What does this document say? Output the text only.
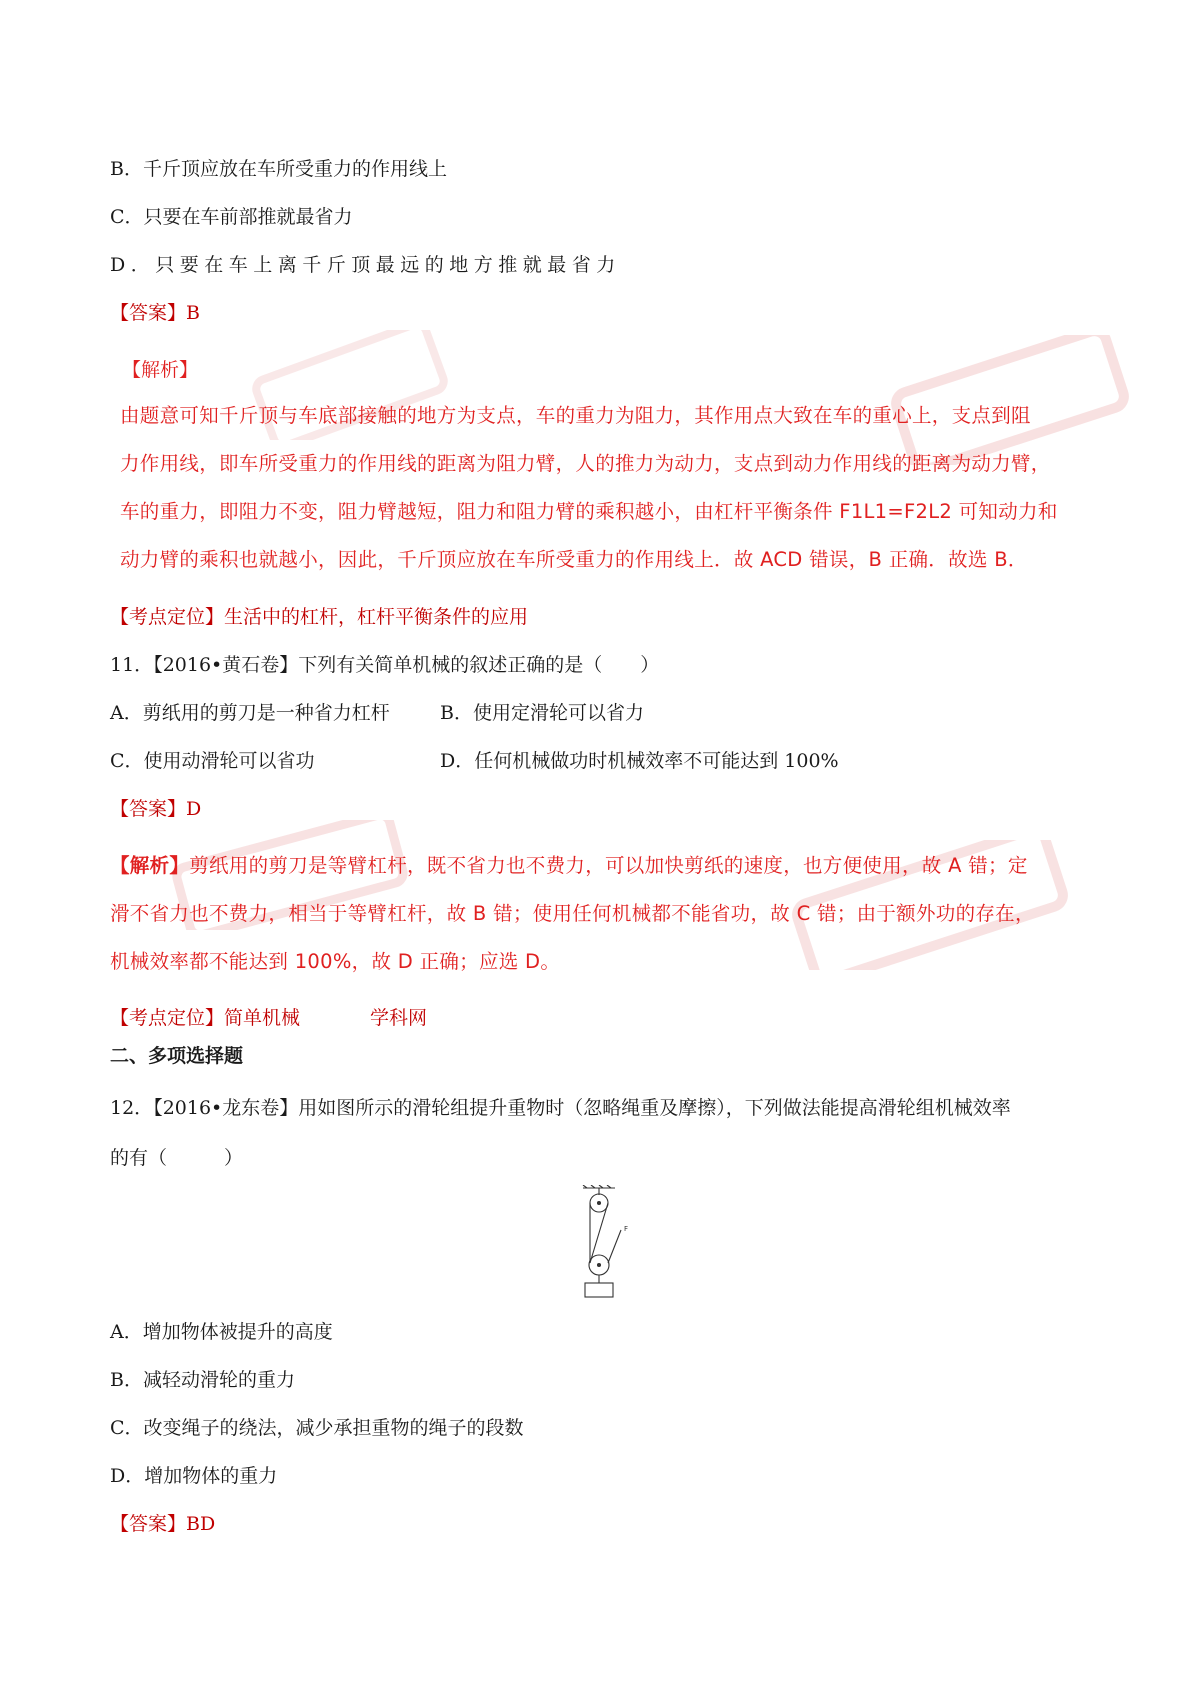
B．千斤顶应放在车所受重力的作用线上
C．只要在车前部推就最省力
D．只要在车上离千斤顶最远的地方推就最省力
【答案】B
【解析】
由题意可知千斤顶与车底部接触的地方为支点，车的重力为阻力，其作用点大致在车的重心上，支点到阻
力作用线，即车所受重力的作用线的距离为阻力臂，人的推力为动力，支点到动力作用线的距离为动力臂，
车的重力，即阻力不变，阻力臂越短，阻力和阻力臂的乘积越小，由杠杆平衡条件 F1L1=F2L2 可知动力和
动力臂的乘积也就越小，因此，千斤顶应放在车所受重力的作用线上．故 ACD 错误，B 正确．故选 B．
【考点定位】生活中的杠杆，杠杆平衡条件的应用
11．【2016•黄石卷】下列有关简单机械的叙述正确的是（　　）
A．剪纸用的剪刀是一种省力杠杆	B．使用定滑轮可以省力
C．使用动滑轮可以省功	D．任何机械做功时机械效率不可能达到 100%
【答案】D
【解析】剪纸用的剪刀是等臂杠杆，既不省力也不费力，可以加快剪纸的速度，也方便使用，故 A 错；定
滑不省力也不费力，相当于等臂杠杆，故 B 错；使用任何机械都不能省功，故 C 错；由于额外功的存在，
机械效率都不能达到 100%，故 D 正确；应选 D。
【考点定位】简单机械	学科网
二、多项选择题
12．【2016•龙东卷】用如图所示的滑轮组提升重物时（忽略绳重及摩擦），下列做法能提高滑轮组机械效率
的有（　　　）
F
A．增加物体被提升的高度
B．减轻动滑轮的重力
C．改变绳子的绕法，减少承担重物的绳子的段数
D．增加物体的重力
【答案】BD
